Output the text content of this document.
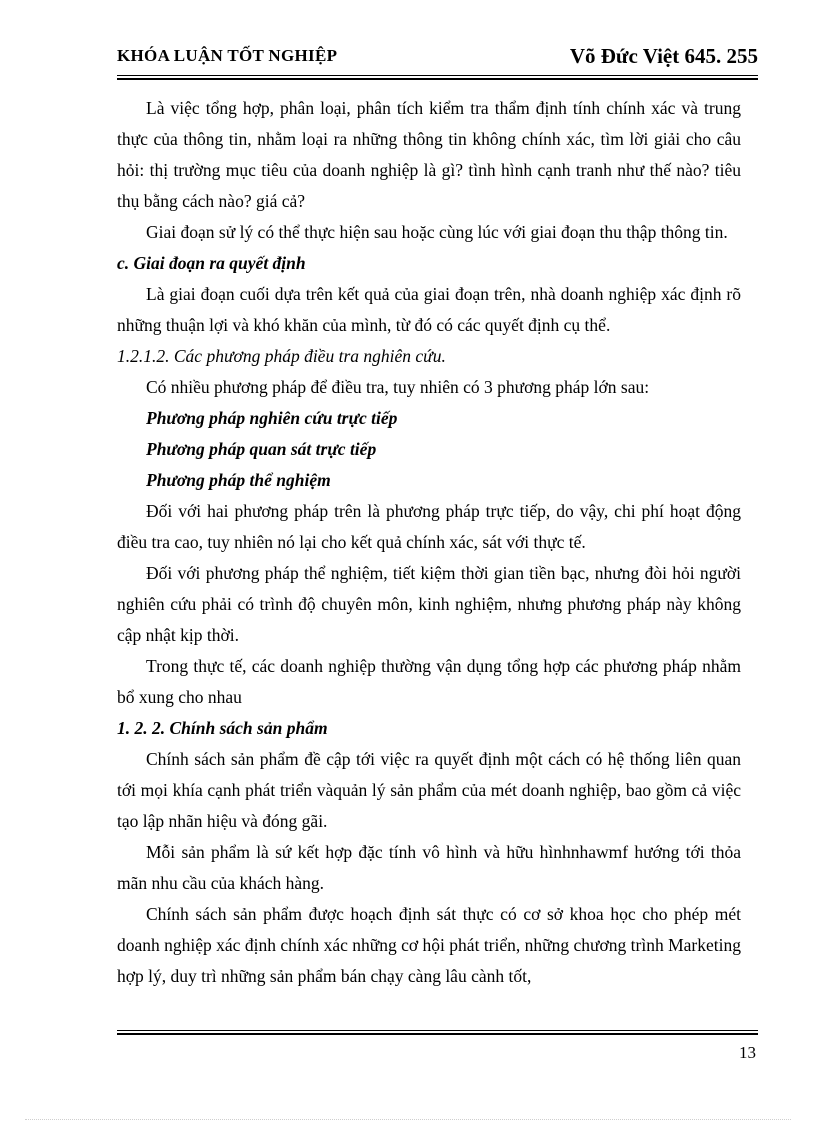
KHÓA LUẬN TỐT NGHIỆP	Võ Đức Việt 645. 255

Là việc tổng hợp, phân loại, phân tích kiểm tra thẩm định tính chính xác và trung thực của thông tin, nhằm loại ra những thông tin không chính xác, tìm lời giải cho câu hỏi: thị trường mục tiêu của doanh nghiệp là gì? tình hình cạnh tranh như thế nào? tiêu thụ bằng cách nào? giá cả?

Giai đoạn sử lý có thể thực hiện sau hoặc cùng lúc với giai đoạn thu thập thông tin.

c. Giai đoạn ra quyết định

Là giai đoạn cuối dựa trên kết quả của giai đoạn trên, nhà doanh nghiệp xác định rõ những thuận lợi và khó khăn của mình, từ đó có các quyết định cụ thể.

1.2.1.2. Các phương pháp điều tra nghiên cứu.

Có nhiều phương pháp để điều tra, tuy nhiên có 3 phương pháp lớn sau:

Phương pháp nghiên cứu trực tiếp

Phương pháp quan sát trực tiếp

Phương pháp thể nghiệm

Đối với hai phương pháp trên là phương pháp trực tiếp, do vậy, chi phí hoạt động điều tra cao, tuy nhiên nó lại cho kết quả chính xác, sát với thực tế.

Đối với phương pháp thể nghiệm, tiết kiệm thời gian tiền bạc, nhưng đòi hỏi người nghiên cứu phải có trình độ chuyên môn, kinh nghiệm, nhưng phương pháp này không cập nhật kịp thời.

Trong thực tế, các doanh nghiệp thường vận dụng tổng hợp các phương pháp nhằm bổ xung cho nhau

1. 2. 2. Chính sách sản phẩm

Chính sách sản phẩm đề cập tới việc ra quyết định một cách có hệ thống liên quan tới mọi khía cạnh phát triển vàquản lý sản phẩm của mét doanh nghiệp, bao gồm cả việc tạo lập nhãn hiệu và đóng gãi.

Mỗi sản phẩm là sứ kết hợp đặc tính vô hình và hữu hìnhnhawmf hướng tới thỏa mãn nhu cầu của khách hàng.

Chính sách sản phẩm được hoạch định sát thực có cơ sở khoa học cho phép mét doanh nghiệp xác định chính xác những cơ hội phát triển, những chương trình Marketing hợp lý, duy trì những sản phẩm bán chạy càng lâu cành tốt,

13
